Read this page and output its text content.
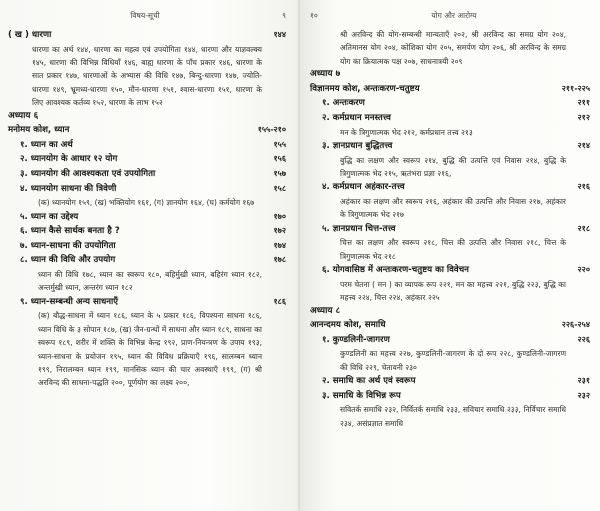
विषय-सूची	९
( ख ) धारणा	१४४
धारणा का अर्थ १४४, धारणा का महत्व एवं उपयोगिता १४४, धारणा और याज्ञवल्क्य १४५, धारणा की विभिन्न विधियाँ १४६, बाह्य धारणा के पाँच प्रकार १४६, धारणा के सात प्रकार १४७, धारणाओं के अभ्यास की विधि १४७, बिन्दु-धारणा १४७, ज्योति-धारणा १४९, भ्रूमध्य-धारणा १५०, मौन-धारणा १५१, श्वास-धारणा १५१, धारणा के लिए आवश्यक कर्तव्य १५२, धारणा के लाभ १५२
अध्याय ६
मनोमय कोश, ध्यान	१५५-२१०
१. ध्यान का अर्थ	१५५
२. ध्यानयोग के आधार १२ योग	१५६
३. ध्यानयोग की आवश्यकता एवं उपयोगिता	१५७
४. ध्यानयोग साधना की त्रिवेणी	१५८
(क) ध्यानयोग १५९, (ख) भक्तियोग १६१, (ग) ज्ञानयोग १६४, (घ) कर्मयोग १६७
५. ध्यान का उद्देश्य	१७०
६. ध्यान कैसे सार्थक बनता है ?	१७२
७. ध्यान-साधना की उपयोगिता	१७४
८. ध्यान की विधि और उपयोग	१७८
ध्यान की विधि १७८, ध्यान का स्वरूप १८०, बहिर्मुखी ध्यान, बहिरंग ध्यान १८२, अन्तर्मुखी ध्यान, अन्तरंग ध्यान १८२
९. ध्यान-सम्बन्धी अन्य साधनाएँ	१८६
(क) बौद्ध-साधना में ध्यान १८६, ध्यान के ५ प्रकार १८६, विपश्यना साधना १८६, ध्यान विधि के ३ सोपान १८७, (ख) जैन-ग्रन्थों में साधना और ध्यान १८९, साधना का स्वरूप १८९, शरीर में शक्ति के विभिन्न केन्द्र १९२, प्राण-नियन्त्रण के उपाय १९३, ध्यान-साधना के प्रयोजन १९५, ध्यान की विविध प्रक्रियाएँ १९६, सालम्बन ध्यान १९९, निरालम्बन ध्यान १९९, मानसिक ध्यान की चार अवस्थाएँ १९९, (ग) श्री अरविन्द की साधना-पद्धति २००, पूर्णयोग का लक्ष्य २००,
१०	योग और आरोग्य
श्री अरविन्द की योग-सम्बन्धी मान्यताएँ २०२, श्री अरविन्द का समग्र योग २०४, अतिमानस योग २०४, कोशिका योग २०५, समर्पण योग २०६, श्री अरविन्द के समग्र योग का क्रियात्मक पक्ष २०७, साधनात्रयी २०९
अध्याय ७
विज्ञानमय कोश, अन्तःकरण-चतुष्टय	२११-२२५
१. अन्तःकरण	२११
२. कर्मप्रधान मनस्तत्त्व	२१२
मन के त्रिगुणात्मक भेद २१२, कर्मप्रधान तत्त्व २१३
३. ज्ञानप्रधान बुद्धितत्त्व	२१४
बुद्धि का लक्षण और स्वरूप २१४, बुद्धि की उत्पत्ति एवं निवास २१४, बुद्धि के त्रिगुणात्मक भेद २१५, ऋतंभरा प्रज्ञा २१६,
४. कर्मप्रधान अहंकार-तत्त्व	२१६
अहंकार का लक्षण और स्वरूप २१६, अहंकार की उत्पत्ति और निवास २१७, अहंकार के त्रिगुणात्मक भेद २१७
५. ज्ञानप्रधान चित्त-तत्त्व	२१८
चित्त का लक्षण और स्वरूप २१८, चित्त की उत्पत्ति और निवास २१८, चित्त के त्रिगुणात्मक भेद २१८
६. योगवासिष्ठ में अन्तःकरण-चतुष्टय का विवेचन	२२०
परम चेतना ( मन ) का व्यापक रूप २२१, मन का महत्त्व २२१, बुद्धि २२३, बुद्धि का महत्त्व २२४, चित्त २२४, अहंकार २२५
अध्याय ८
आनन्दमय कोश, समाधि	२२६-२५४
१. कुण्डलिनी-जागरण	२२६
कुण्डलिनी का महत्त्व २२७, कुण्डलिनी-जागरण के दो रूप २२८, कुण्डलिनी-जागरण की विधि २२९, चेतावनी २३०
२. समाधि का अर्थ एवं स्वरूप	२३१
३. समाधि के विभिन्न रूप	२३२
सवितर्क समाधि २३२, निर्वितर्क समाधि २३३, सविचार समाधि २३३, निर्विचार समाधि २३४, असंप्रज्ञात समाधि
